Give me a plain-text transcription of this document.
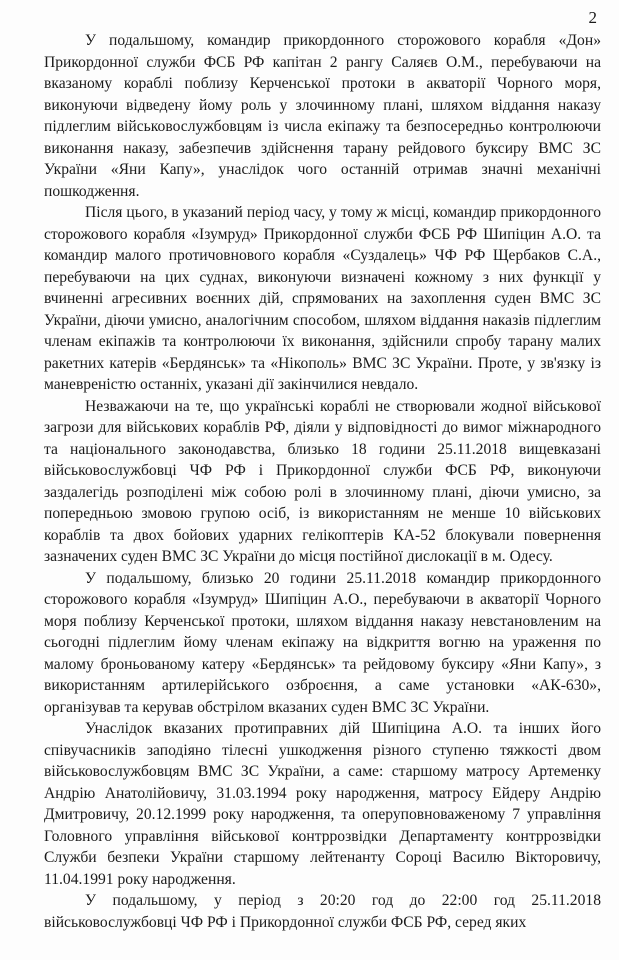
2

У подальшому, командир прикордонного сторожового корабля «Дон» Прикордонної служби ФСБ РФ капітан 2 рангу Саляєв О.М., перебуваючи на вказаному кораблі поблизу Керченської протоки в акваторії Чорного моря, виконуючи відведену йому роль у злочинному плані, шляхом віддання наказу підлеглим військовослужбовцям із числа екіпажу та безпосередньо контролюючи виконання наказу, забезпечив здійснення тарану рейдового буксиру ВМС ЗС України «Яни Капу», унаслідок чого останній отримав значні механічні пошкодження.

Після цього, в указаний період часу, у тому ж місці, командир прикордонного сторожового корабля «Ізумруд» Прикордонної служби ФСБ РФ Шипіцин А.О. та командир малого протичовнового корабля «Суздалець» ЧФ РФ Щербаков С.А., перебуваючи на цих суднах, виконуючи визначені кожному з них функції у вчиненні агресивних воєнних дій, спрямованих на захоплення суден ВМС ЗС України, діючи умисно, аналогічним способом, шляхом віддання наказів підлеглим членам екіпажів та контролюючи їх виконання, здійснили спробу тарану малих ракетних катерів «Бердянськ» та «Нікополь» ВМС ЗС України. Проте, у зв'язку із маневреністю останніх, указані дії закінчилися невдало.

Незважаючи на те, що українські кораблі не створювали жодної військової загрози для військових кораблів РФ, діяли у відповідності до вимог міжнародного та національного законодавства, близько 18 години 25.11.2018 вищевказані військовослужбовці ЧФ РФ і Прикордонної служби ФСБ РФ, виконуючи заздалегідь розподілені між собою ролі в злочинному плані, діючи умисно, за попередньою змовою групою осіб, із використанням не менше 10 військових кораблів та двох бойових ударних гелікоптерів КА-52 блокували повернення зазначених суден ВМС ЗС України до місця постійної дислокації в м. Одесу.

У подальшому, близько 20 години 25.11.2018 командир прикордонного сторожового корабля «Ізумруд» Шипіцин А.О., перебуваючи в акваторії Чорного моря поблизу Керченської протоки, шляхом віддання наказу невстановленим на сьогодні підлеглим йому членам екіпажу на відкриття вогню на ураження по малому броньованому катеру «Бердянськ» та рейдовому буксиру «Яни Капу», з використанням артилерійського озброєння, а саме установки «АК-630», організував та керував обстрілом вказаних суден ВМС ЗС України.

Унаслідок вказаних протиправних дій Шипіцина А.О. та інших його співучасників заподіяно тілесні ушкодження різного ступеню тяжкості двом військовослужбовцям ВМС ЗС України, а саме: старшому матросу Артеменку Андрію Анатолійовичу, 31.03.1994 року народження, матросу Ейдеру Андрію Дмитровичу, 20.12.1999 року народження, та оперуповноваженому 7 управління Головного управління військової контррозвідки Департаменту контррозвідки Служби безпеки України старшому лейтенанту Сороці Василю Вікторовичу, 11.04.1991 року народження.

У подальшому, у період з 20:20 год до 22:00 год 25.11.2018 військовослужбовці ЧФ РФ і Прикордонної служби ФСБ РФ, серед яких
